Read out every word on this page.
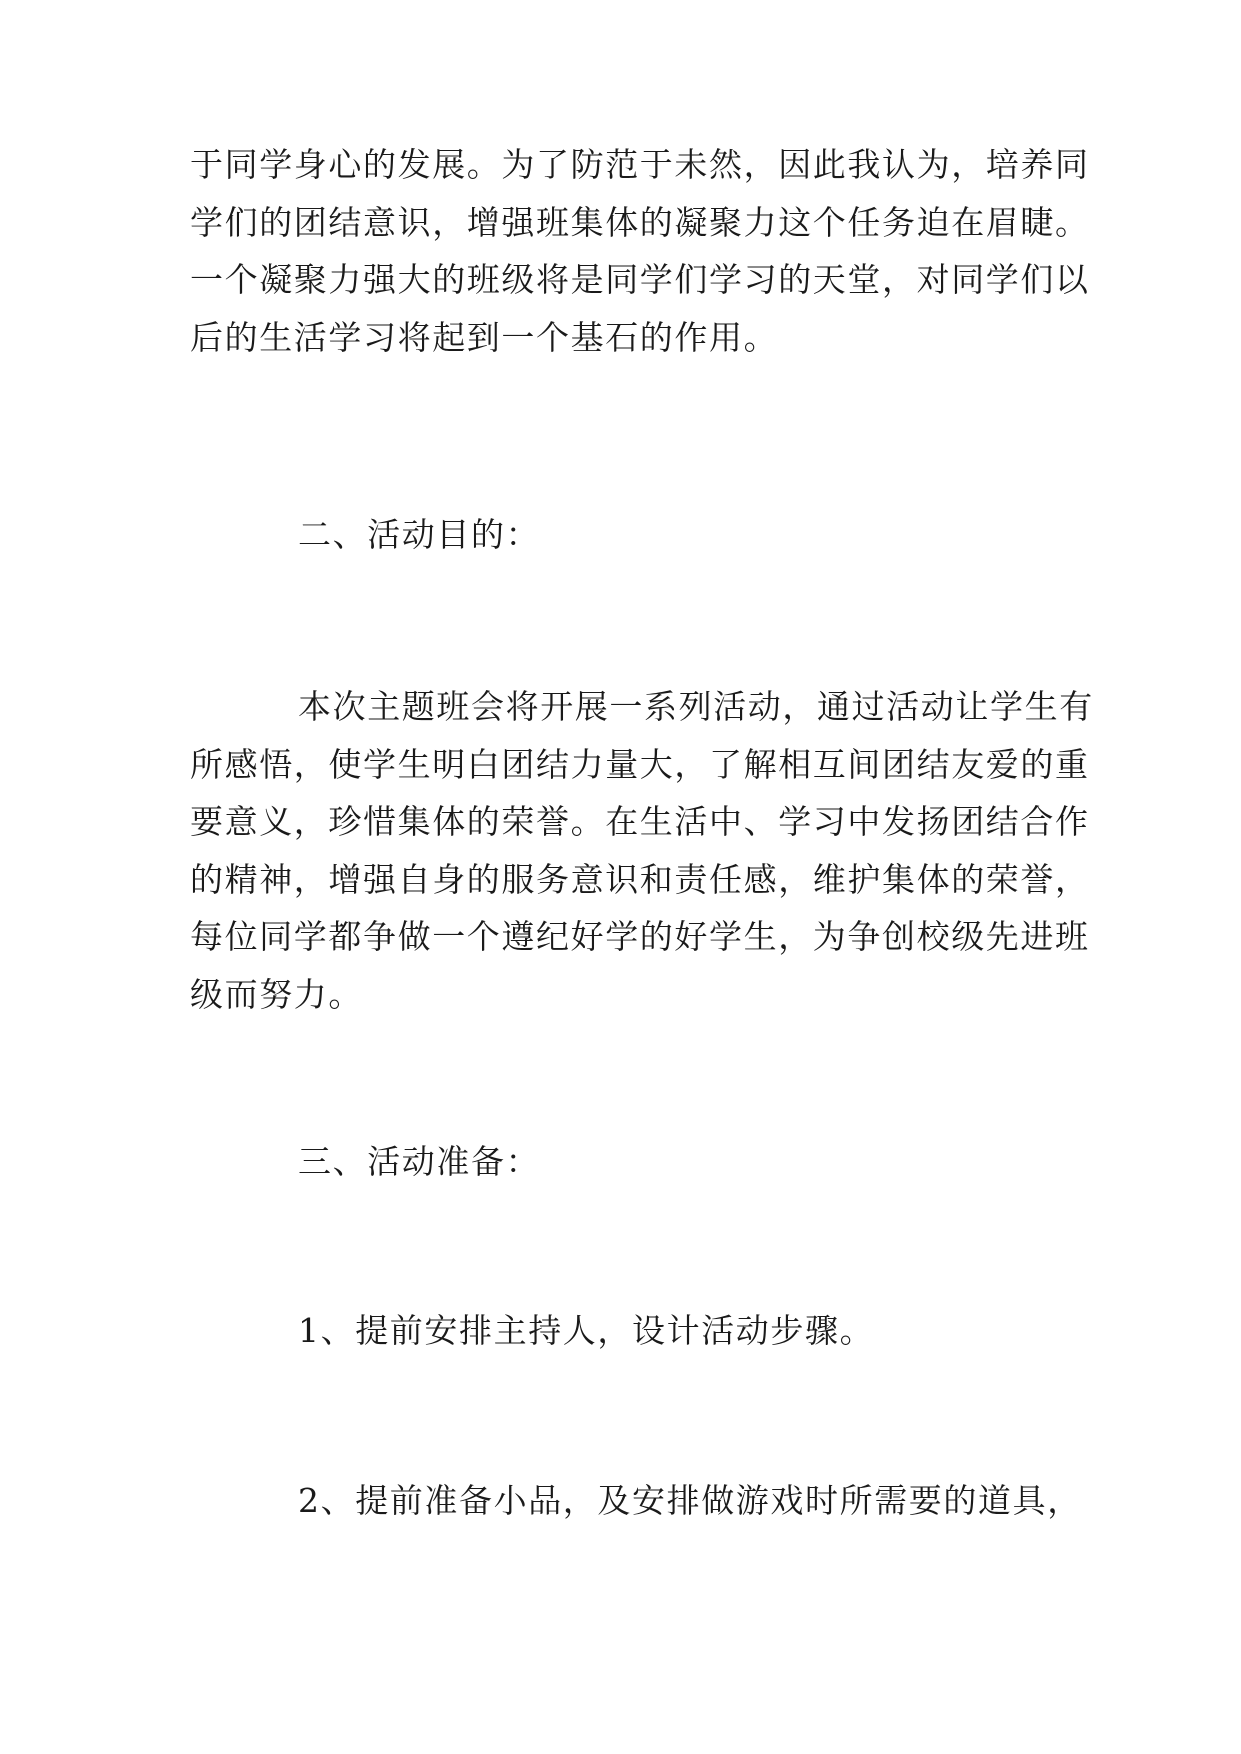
于同学身心的发展。为了防范于未然，因此我认为，培养同
学们的团结意识，增强班集体的凝聚力这个任务迫在眉睫。
一个凝聚力强大的班级将是同学们学习的天堂，对同学们以
后的生活学习将起到一个基石的作用。
二、活动目的：
本次主题班会将开展一系列活动，通过活动让学生有
所感悟，使学生明白团结力量大，了解相互间团结友爱的重
要意义，珍惜集体的荣誉。在生活中、学习中发扬团结合作
的精神，增强自身的服务意识和责任感，维护集体的荣誉，
每位同学都争做一个遵纪好学的好学生，为争创校级先进班
级而努力。
三、活动准备：
1、提前安排主持人，设计活动步骤。
2、提前准备小品，及安排做游戏时所需要的道具，
